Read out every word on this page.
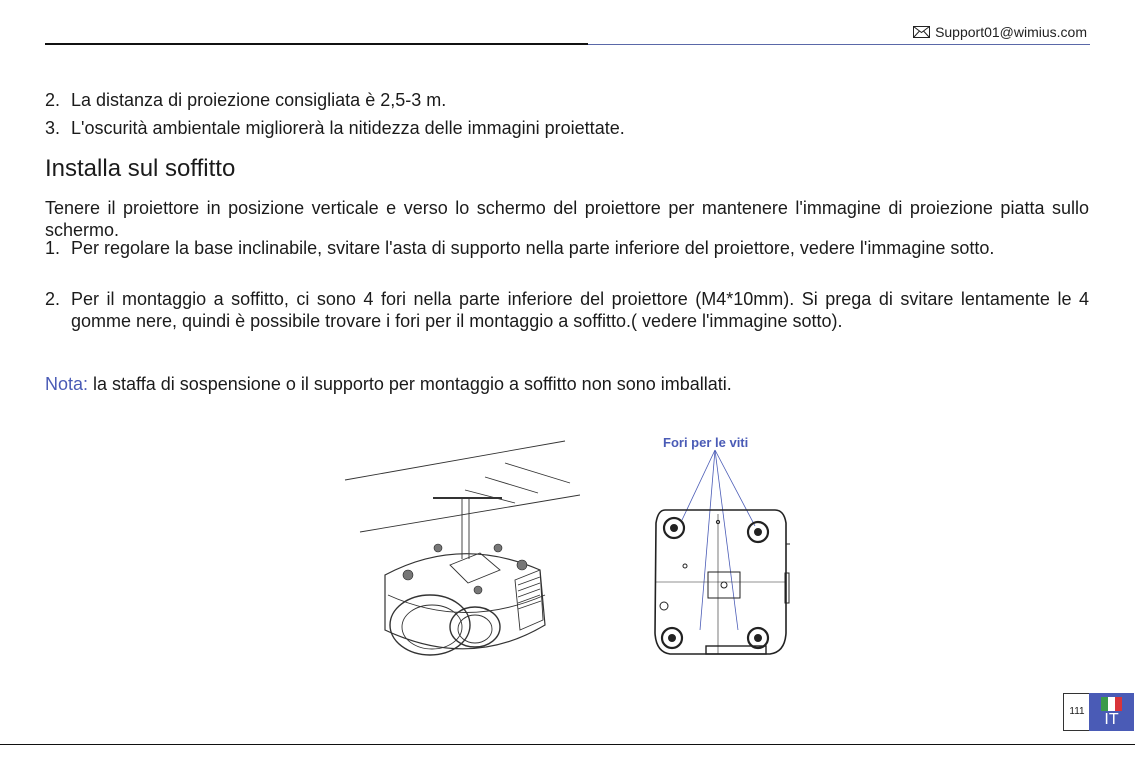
Support01@wimius.com
2. La distanza di proiezione consigliata è 2,5-3 m.
3. L'oscurità ambientale migliorerà la nitidezza delle immagini proiettate.
Installa sul soffitto
Tenere il proiettore in posizione verticale e verso lo schermo del proiettore per mantenere l'immagine di proiezione piatta sullo schermo.
1. Per regolare la base inclinabile, svitare l'asta di supporto nella parte inferiore del proiettore, vedere l'immagine sotto.
2. Per il montaggio a soffitto, ci sono 4 fori nella parte inferiore del proiettore (M4*10mm). Si prega di svitare lentamente le 4 gomme nere, quindi è possibile trovare i fori per il montaggio a soffitto.( vedere l'immagine sotto).
Nota: la staffa di sospensione o il supporto per montaggio a soffitto non sono imballati.
Fori per le viti
111	IT
